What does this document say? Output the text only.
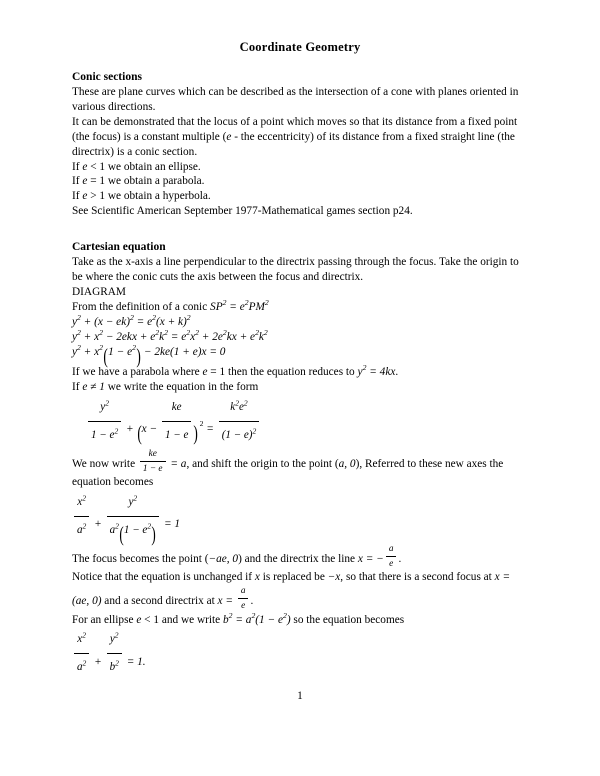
Coordinate Geometry
Conic sections

These are plane curves which can be described as the intersection of a cone with planes oriented in various directions.

It can be demonstrated that the locus of a point which moves so that its distance from a fixed point (the focus) is a constant multiple (e - the eccentricity) of its distance from a fixed straight line (the directrix) is a conic section.

If e < 1 we obtain an ellipse.

If e = 1 we obtain a parabola.

If e > 1 we obtain a hyperbola.

See Scientific American September 1977-Mathematical games section p24.

Cartesian equation

Take as the x-axis a line perpendicular to the directrix passing through the focus. Take the origin to be where the conic cuts the axis between the focus and directrix.

DIAGRAM

From the definition of a conic $SP^2 = e^2PM^2$

$y^2 + (x - ek)^2 = e^2(x + k)^2$

$y^2 + x^2 - 2ekx + e^2k^2 = e^2x^2 + 2e^2kx + e^2k^2$

$y^2 + x^2(1 - e^2) - 2ke(1 + e)x = 0$

If we have a parabola where e = 1 then the equation reduces to $y^2 = 4kx$.

If e ≠ 1 we write the equation in the form

$\frac{y^2}{1 - e^2} + (x - \frac{ke}{1 - e} )2 = \frac{k^2e^2}{(1 - e)^2}$

We now write $\frac{ke}{1 - e} = a$, and shift the origin to the point (a, 0), Referred to these new axes the equation becomes

$\frac{x^2}{a^2} + \frac{y^2}{a^2(1 - e^2)} = 1$

The focus becomes the point (−ae, 0) and the directrix the line x = − $\frac{a}{e}$ .

Notice that the equation is unchanged if x is replaced be −x, so that there is a second focus at x = (ae, 0) and a second directrix at $x = \frac{a}{e}$ .

For an ellipse e < 1 and we write $b^2 = a^2(1 - e^2)$ so the equation becomes

$\frac{x^2}{a^2} + \frac{y^2}{b^2} = 1$.

1
